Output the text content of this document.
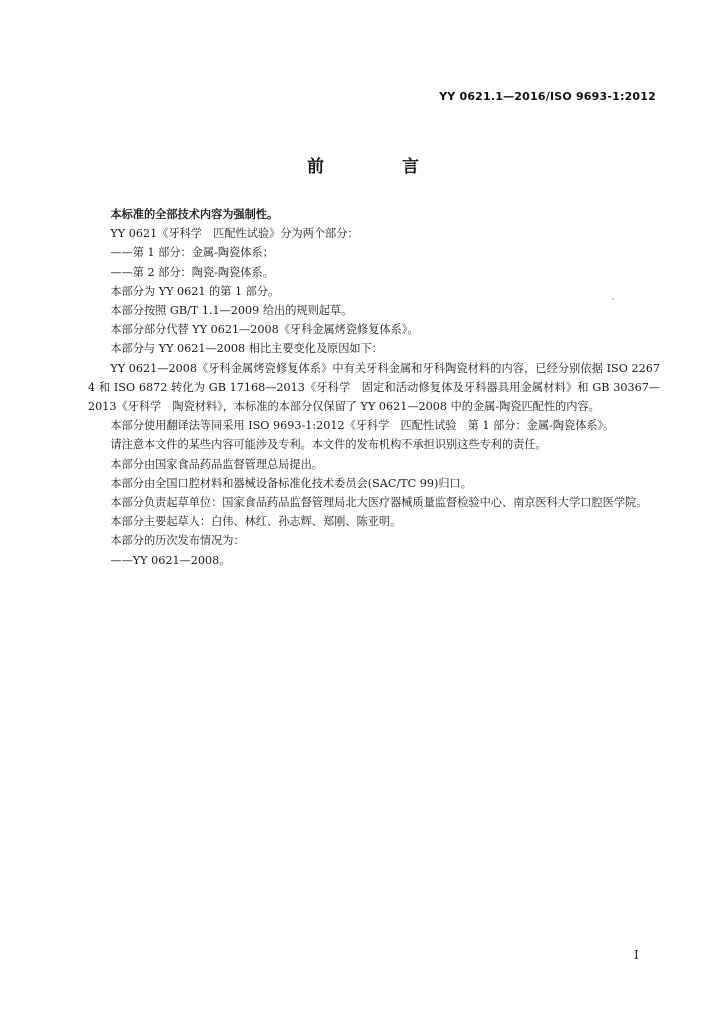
YY 0621.1—2016/ISO 9693-1:2012
前 言

本标准的全部技术内容为强制性。

YY 0621《牙科学　匹配性试验》分为两个部分：

——第 1 部分：金属-陶瓷体系；

——第 2 部分：陶瓷-陶瓷体系。

本部分为 YY 0621 的第 1 部分。

本部分按照 GB/T 1.1—2009 给出的规则起草。

本部分部分代替 YY 0621—2008《牙科金属烤瓷修复体系》。

本部分与 YY 0621—2008 相比主要变化及原因如下：

YY 0621—2008《牙科金属烤瓷修复体系》中有关牙科金属和牙科陶瓷材料的内容，已经分别依据 ISO 22674 和 ISO 6872 转化为 GB 17168—2013《牙科学　固定和活动修复体及牙科器具用金属材料》和 GB 30367—2013《牙科学　陶瓷材料》，本标准的本部分仅保留了 YY 0621—2008 中的金属-陶瓷匹配性的内容。

本部分使用翻译法等同采用 ISO 9693-1:2012《牙科学　匹配性试验　第 1 部分：金属-陶瓷体系》。

请注意本文件的某些内容可能涉及专利。本文件的发布机构不承担识别这些专利的责任。

本部分由国家食品药品监督管理总局提出。

本部分由全国口腔材料和器械设备标准化技术委员会(SAC/TC 99)归口。

本部分负责起草单位：国家食品药品监督管理局北大医疗器械质量监督检验中心、南京医科大学口腔医学院。

本部分主要起草人：白伟、林红、孙志辉、郑刚、陈亚明。

本部分的历次发布情况为：

——YY 0621—2008。

I
